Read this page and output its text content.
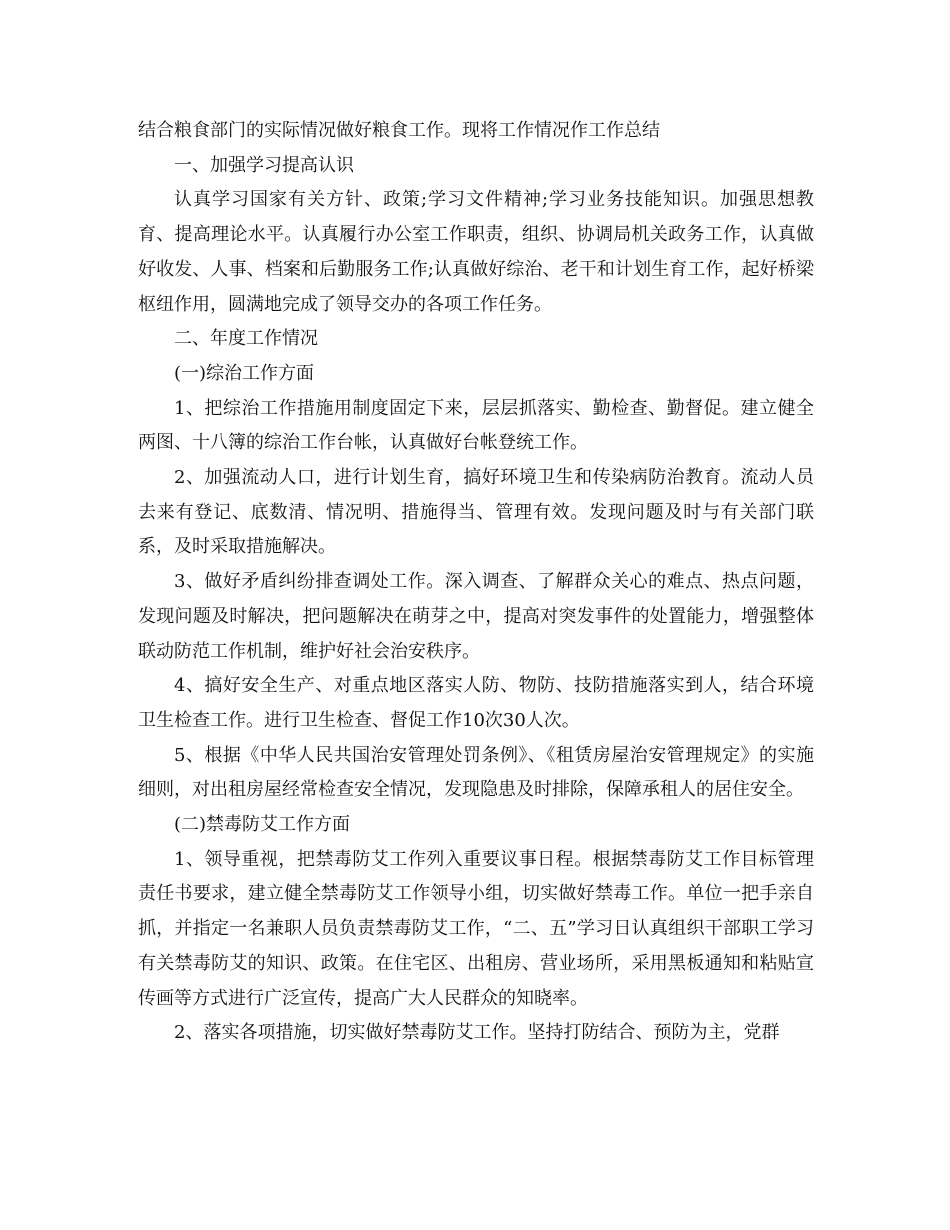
结合粮食部门的实际情况做好粮食工作。现将工作情况作工作总结

一、加强学习提高认识

认真学习国家有关方针、政策;学习文件精神;学习业务技能知识。加强思想教育、提高理论水平。认真履行办公室工作职责，组织、协调局机关政务工作，认真做好收发、人事、档案和后勤服务工作;认真做好综治、老干和计划生育工作，起好桥梁枢纽作用，圆满地完成了领导交办的各项工作任务。

二、年度工作情况

(一)综治工作方面

1、把综治工作措施用制度固定下来，层层抓落实、勤检查、勤督促。建立健全两图、十八簿的综治工作台帐，认真做好台帐登统工作。

2、加强流动人口，进行计划生育，搞好环境卫生和传染病防治教育。流动人员去来有登记、底数清、情况明、措施得当、管理有效。发现问题及时与有关部门联系，及时采取措施解决。

3、做好矛盾纠纷排查调处工作。深入调查、了解群众关心的难点、热点问题，发现问题及时解决，把问题解决在萌芽之中，提高对突发事件的处置能力，增强整体联动防范工作机制，维护好社会治安秩序。

4、搞好安全生产、对重点地区落实人防、物防、技防措施落实到人，结合环境卫生检查工作。进行卫生检查、督促工作10次30人次。

5、根据《中华人民共国治安管理处罚条例》、《租赁房屋治安管理规定》的实施细则，对出租房屋经常检查安全情况，发现隐患及时排除，保障承租人的居住安全。

(二)禁毒防艾工作方面

1、领导重视，把禁毒防艾工作列入重要议事日程。根据禁毒防艾工作目标管理责任书要求，建立健全禁毒防艾工作领导小组，切实做好禁毒工作。单位一把手亲自抓，并指定一名兼职人员负责禁毒防艾工作，“二、五”学习日认真组织干部职工学习有关禁毒防艾的知识、政策。在住宅区、出租房、营业场所，采用黑板通知和粘贴宣传画等方式进行广泛宣传，提高广大人民群众的知晓率。

2、落实各项措施，切实做好禁毒防艾工作。坚持打防结合、预防为主，党群
